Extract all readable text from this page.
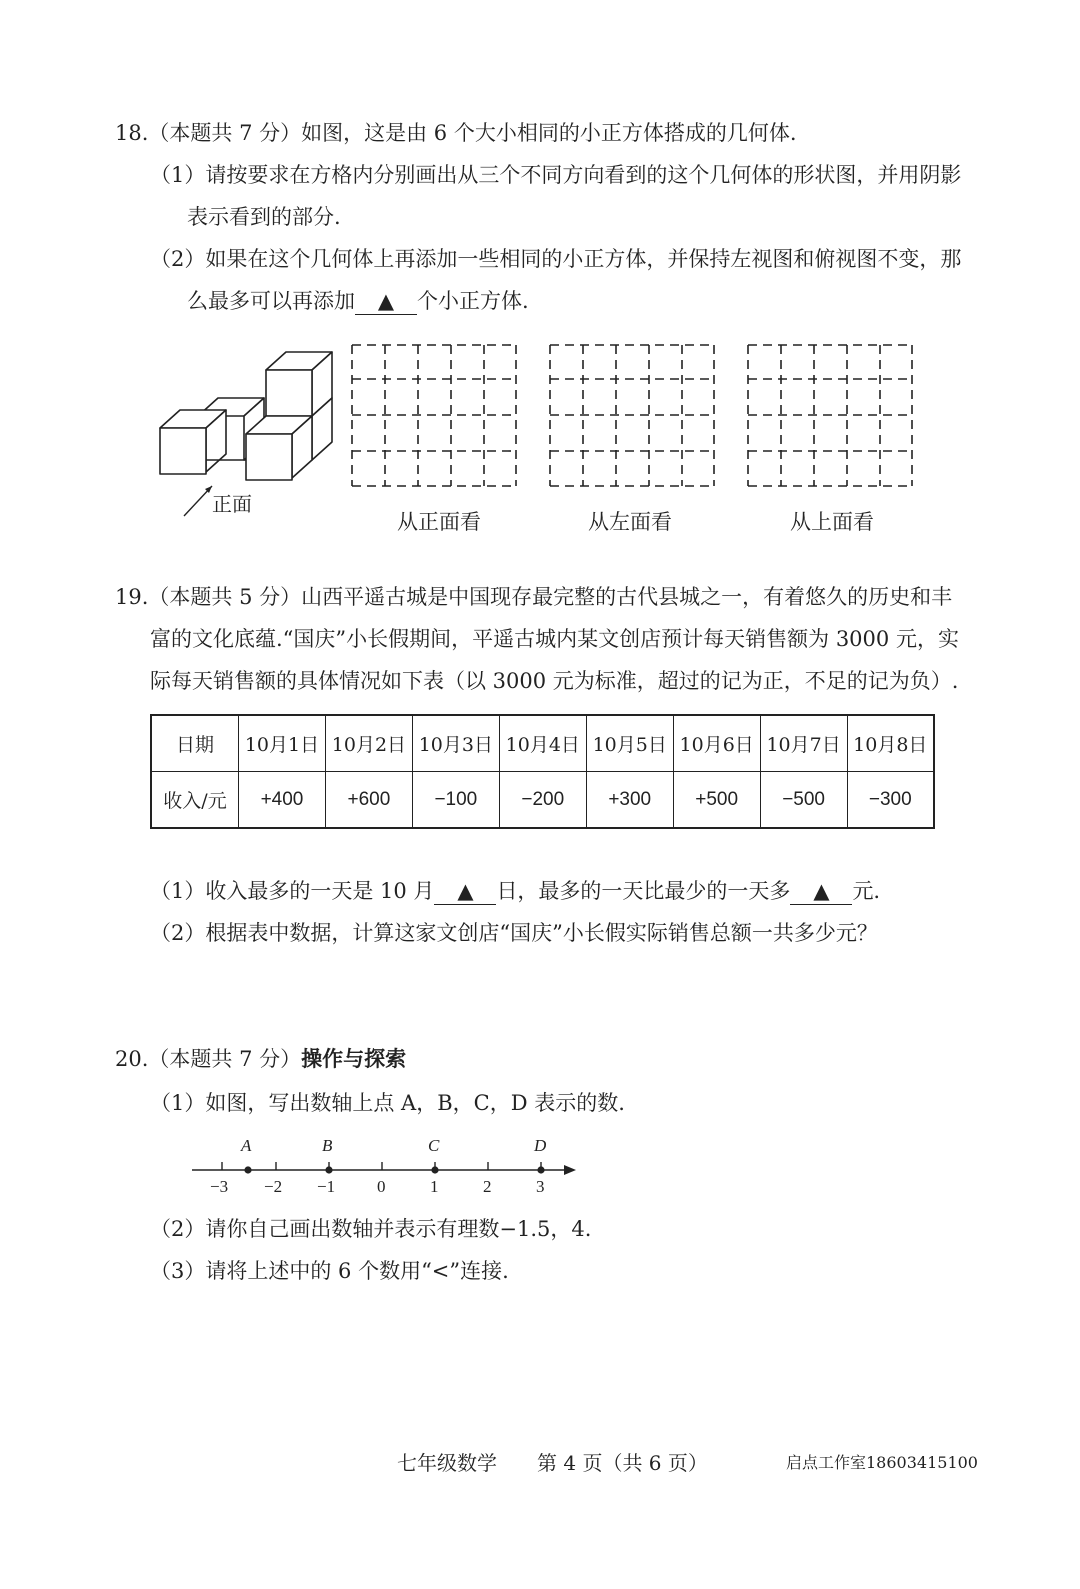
18.（本题共 7 分）如图，这是由 6 个大小相同的小正方体搭成的几何体.
（1）请按要求在方格内分别画出从三个不同方向看到的这个几何体的形状图，并用阴影
表示看到的部分.
（2）如果在这个几何体上再添加一些相同的小正方体，并保持左视图和俯视图不变，那
么最多可以再添加 ▲ 个小正方体.
正面
从正面看	从左面看	从上面看
19.（本题共 5 分）山西平遥古城是中国现存最完整的古代县城之一，有着悠久的历史和丰
富的文化底蕴.“国庆”小长假期间，平遥古城内某文创店预计每天销售额为 3000 元，实
际每天销售额的具体情况如下表（以 3000 元为标准，超过的记为正，不足的记为负）.
日期	10月1日	10月2日	10月3日	10月4日	10月5日	10月6日	10月7日	10月8日
收入/元	+400	+600	−100	−200	+300	+500	−500	−300
（1）收入最多的一天是 10 月 ▲ 日，最多的一天比最少的一天多 ▲ 元.
（2）根据表中数据，计算这家文创店“国庆”小长假实际销售总额一共多少元？
20.（本题共 7 分）操作与探索
（1）如图，写出数轴上点 A，B，C，D 表示的数.
A	B	C	D
−3 −2 −1 0	1	2	3
（2）请你自己画出数轴并表示有理数−1.5，4.
（3）请将上述中的 6 个数用“<”连接.
七年级数学 第 4 页（共 6 页）	启点工作室18603415100
